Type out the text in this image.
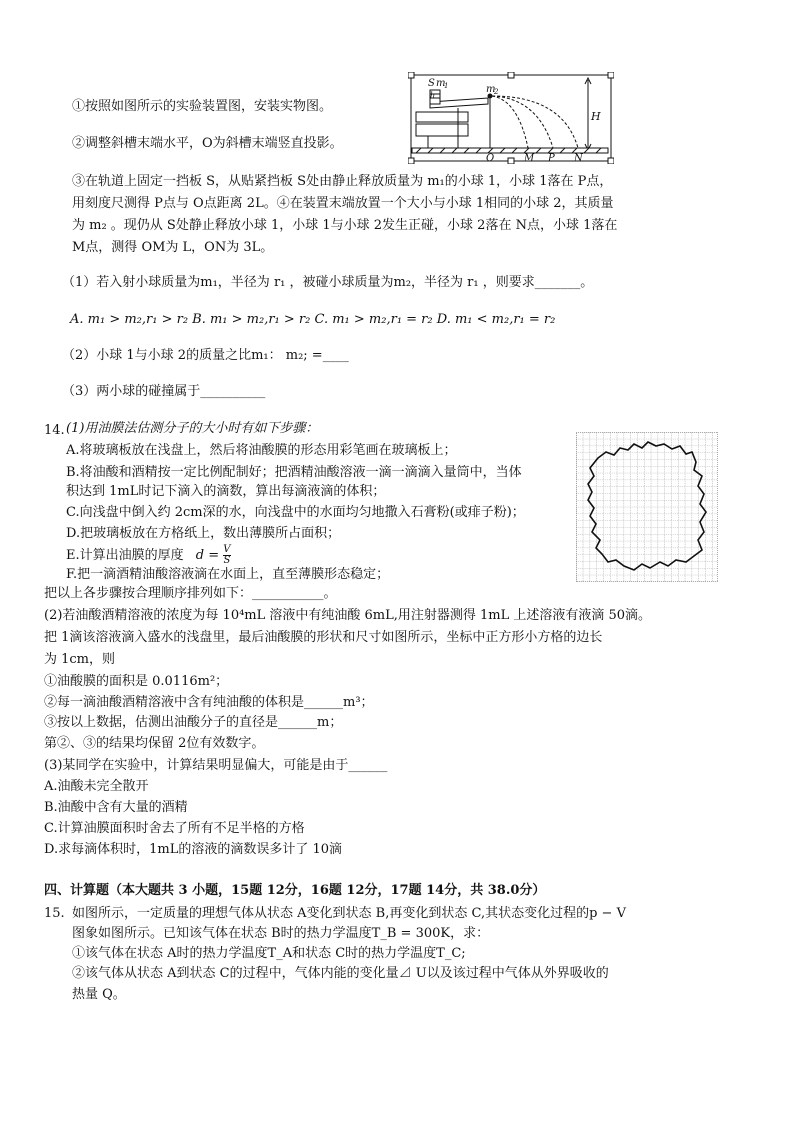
S m
1
h
m
2
H
O	M P N
①按照如图所示的实验装置图，安装实物图。
②调整斜槽末端水平，O为斜槽末端竖直投影。
③在轨道上固定一挡板 S，从贴紧挡板 S处由静止释放质量为 m₁的小球 1，小球 1落在 P点，
用刻度尺测得 P点与 O点距离 2L。④在装置末端放置一个大小与小球 1相同的小球 2，其质量
为 m₂ 。现仍从 S处静止释放小球 1，小球 1与小球 2发生正碰，小球 2落在 N点，小球 1落在
M点，测得 OM为 L，ON为 3L。
（1）若入射小球质量为m₁，半径为 r₁ ，被碰小球质量为m₂，半径为 r₁ ，则要求_______。
A. m₁ > m₂,r₁ > r₂ B. m₁ > m₂,r₁ > r₂ C. m₁ > m₂,r₁ = r₂ D. m₁ < m₂,r₁ = r₂
（2）小球 1与小球 2的质量之比m₁： m₂; =____
（3）两小球的碰撞属于__________
14. (1)用油膜法估测分子的大小时有如下步骤：
A.将玻璃板放在浅盘上，然后将油酸膜的形态用彩笔画在玻璃板上；
B.将油酸和酒精按一定比例配制好；把酒精油酸溶液一滴一滴滴入量筒中，当体
积达到 1mL时记下滴入的滴数，算出每滴液滴的体积；
C.向浅盘中倒入约 2cm深的水，向浅盘中的水面均匀地撒入石膏粉(或痱子粉)；
D.把玻璃板放在方格纸上，数出薄膜所占面积；
E.计算出油膜的厚度 $d = \frac{V}{S}$
F.把一滴酒精油酸溶液滴在水面上，直至薄膜形态稳定；
把以上各步骤按合理顺序排列如下：___________。
(2)若油酸酒精溶液的浓度为每 10⁴mL 溶液中有纯油酸 6mL,用注射器测得 1mL 上述溶液有液滴 50滴。
把 1滴该溶液滴入盛水的浅盘里，最后油酸膜的形状和尺寸如图所示，坐标中正方形小方格的边长
为 1cm，则
①油酸膜的面积是 0.0116m²；
②每一滴油酸酒精溶液中含有纯油酸的体积是______m³；
③按以上数据，估测出油酸分子的直径是______m；
第②、③的结果均保留 2位有效数字。
(3)某同学在实验中，计算结果明显偏大，可能是由于______
A.油酸未完全散开
B.油酸中含有大量的酒精
C.计算油膜面积时舍去了所有不足半格的方格
D.求每滴体积时，1mL的溶液的滴数误多计了 10滴
四、计算题（本大题共 3 小题，15题 12分，16题 12分，17题 14分，共 38.0分）
15. 如图所示，一定质量的理想气体从状态 A变化到状态 B,再变化到状态 C,其状态变化过程的p − V
图象如图所示。已知该气体在状态 B时的热力学温度T_B = 300K，求：
①该气体在状态 A时的热力学温度T_A和状态 C时的热力学温度T_C;
②该气体从状态 A到状态 C的过程中，气体内能的变化量⊿ U以及该过程中气体从外界吸收的
热量 Q。
